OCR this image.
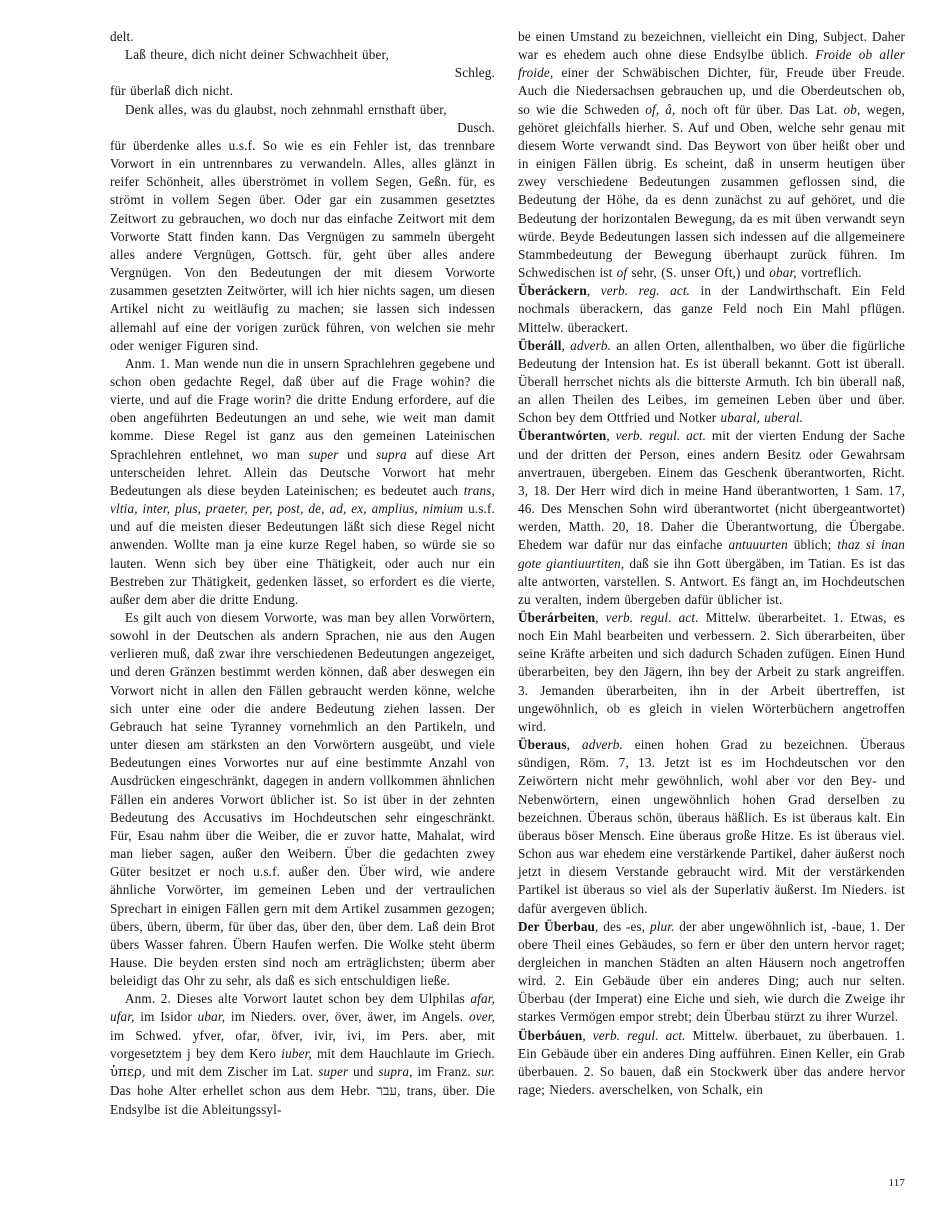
delt.

Laß theure, dich nicht deiner Schwachheit über,

Schleg.

für überlaß dich nicht.

Denk alles, was du glaubst, noch zehnmahl ernsthaft über,

Dusch.

für überdenke alles u.s.f. So wie es ein Fehler ist, das trennbare Vorwort in ein untrennbares zu verwandeln. Alles, alles glänzt in reifer Schönheit, alles überströmet in vollem Segen, Geßn. für, es strömt in vollem Segen über. Oder gar ein zusammen gesetztes Zeitwort zu gebrauchen, wo doch nur das einfache Zeitwort mit dem Vorworte Statt finden kann. Das Vergnügen zu sammeln übergeht alles andere Vergnügen, Gottsch. für, geht über alles andere Vergnügen. Von den Bedeutungen der mit diesem Vorworte zusammen gesetzten Zeitwörter, will ich hier nichts sagen, um diesen Artikel nicht zu weitläufig zu machen; sie lassen sich indessen allemahl auf eine der vorigen zurück führen, von welchen sie mehr oder weniger Figuren sind.

Anm. 1. Man wende nun die in unsern Sprachlehren gegebene und schon oben gedachte Regel, daß über auf die Frage wohin? die vierte, und auf die Frage worin? die dritte Endung erfordere, auf die oben angeführten Bedeutungen an und sehe, wie weit man damit komme. Diese Regel ist ganz aus den gemeinen Lateinischen Sprachlehren entlehnet, wo man super und supra auf diese Art unterscheiden lehret. Allein das Deutsche Vorwort hat mehr Bedeutungen als diese beyden Lateinischen; es bedeutet auch trans, vltia, inter, plus, praeter, per, post, de, ad, ex, amplius, nimium u.s.f. und auf die meisten dieser Bedeutungen läßt sich diese Regel nicht anwenden. Wollte man ja eine kurze Regel haben, so würde sie so lauten. Wenn sich bey über eine Thätigkeit, oder auch nur ein Bestreben zur Thätigkeit, gedenken lässet, so erfordert es die vierte, außer dem aber die dritte Endung.

Es gilt auch von diesem Vorworte, was man bey allen Vorwörtern, sowohl in der Deutschen als andern Sprachen, nie aus den Augen verlieren muß, daß zwar ihre verschiedenen Bedeutungen angezeiget, und deren Gränzen bestimmt werden können, daß aber deswegen ein Vorwort nicht in allen den Fällen gebraucht werden könne, welche sich unter eine oder die andere Bedeutung ziehen lassen. Der Gebrauch hat seine Tyranney vornehmlich an den Partikeln, und unter diesen am stärksten an den Vorwörtern ausgeübt, und viele Bedeutungen eines Vorwortes nur auf eine bestimmte Anzahl von Ausdrücken eingeschränkt, dagegen in andern vollkommen ähnlichen Fällen ein anderes Vorwort üblicher ist. So ist über in der zehnten Bedeutung des Accusativs im Hochdeutschen sehr eingeschränkt. Für, Esau nahm über die Weiber, die er zuvor hatte, Mahalat, wird man lieber sagen, außer den Weibern. Über die gedachten zwey Güter besitzet er noch u.s.f. außer den. Über wird, wie andere ähnliche Vorwörter, im gemeinen Leben und der vertraulichen Sprechart in einigen Fällen gern mit dem Artikel zusammen gezogen; übers, übern, überm, für über das, über den, über dem. Laß dein Brot übers Wasser fahren. Übern Haufen werfen. Die Wolke steht überm Hause. Die beyden ersten sind noch am erträglichsten; überm aber beleidigt das Ohr zu sehr, als daß es sich entschuldigen ließe.

Anm. 2. Dieses alte Vorwort lautet schon bey dem Ulphilas afar, ufar, im Isidor ubar, im Nieders. over, över, äwer, im Angels. over, im Schwed. yfver, ofar, öfver, ivir, ivi, im Pers. aber, mit vorgesetztem j bey dem Kero iuber, mit dem Hauchlaute im Griech. ὑπερ, und mit dem Zischer im Lat. super und supra, im Franz. sur. Das hohe Alter erhellet schon aus dem Hebr. עבר, trans, über. Die Endsylbe ist die Ableitungssyl-

be einen Umstand zu bezeichnen, vielleicht ein Ding, Subject. Daher war es ehedem auch ohne diese Endsylbe üblich. Froide ob aller froide, einer der Schwäbischen Dichter, für, Freude über Freude. Auch die Niedersachsen gebrauchen up, und die Oberdeutschen ob, so wie die Schweden of, å, noch oft für über. Das Lat. ob, wegen, gehöret gleichfalls hierher. S. Auf und Oben, welche sehr genau mit diesem Worte verwandt sind. Das Beywort von über heißt ober und in einigen Fällen übrig. Es scheint, daß in unserm heutigen über zwey verschiedene Bedeutungen zusammen geflossen sind, die Bedeutung der Höhe, da es denn zunächst zu auf gehöret, und die Bedeutung der horizontalen Bewegung, da es mit üben verwandt seyn würde. Beyde Bedeutungen lassen sich indessen auf die allgemeinere Stammbedeutung der Bewegung überhaupt zurück führen. Im Schwedischen ist of sehr, (S. unser Oft,) und obar, vortreflich.

Überáckern, verb. reg. act. in der Landwirthschaft. Ein Feld nochmals überackern, das ganze Feld noch Ein Mahl pflügen. Mittelw. überackert.

Überáll, adverb. an allen Orten, allenthalben, wo über die figürliche Bedeutung der Intension hat. Es ist überall bekannt. Gott ist überall. Überall herrschet nichts als die bitterste Armuth. Ich bin überall naß, an allen Theilen des Leibes, im gemeinen Leben über und über. Schon bey dem Ottfried und Notker ubaral, uberal.

Überantwórten, verb. regul. act. mit der vierten Endung der Sache und der dritten der Person, eines andern Besitz oder Gewahrsam anvertrauen, übergeben. Einem das Geschenk überantworten, Richt. 3, 18. Der Herr wird dich in meine Hand überantworten, 1 Sam. 17, 46. Des Menschen Sohn wird überantwortet (nicht übergeantwortet) werden, Matth. 20, 18. Daher die Überantwortung, die Übergabe. Ehedem war dafür nur das einfache antuuurten üblich; thaz si inan gote giantiuurtiten, daß sie ihn Gott übergäben, im Tatian. Es ist das alte antworten, varstellen. S. Antwort. Es fängt an, im Hochdeutschen zu veralten, indem übergeben dafür üblicher ist.

Überárbeiten, verb. regul. act. Mittelw. überarbeitet. 1. Etwas, es noch Ein Mahl bearbeiten und verbessern. 2. Sich überarbeiten, über seine Kräfte arbeiten und sich dadurch Schaden zufügen. Einen Hund überarbeiten, bey den Jägern, ihn bey der Arbeit zu stark angreiffen. 3. Jemanden überarbeiten, ihn in der Arbeit übertreffen, ist ungewöhnlich, ob es gleich in vielen Wörterbüchern angetroffen wird.

Überaus, adverb. einen hohen Grad zu bezeichnen. Überaus sündigen, Röm. 7, 13. Jetzt ist es im Hochdeutschen vor den Zeiwörtern nicht mehr gewöhnlich, wohl aber vor den Bey- und Nebenwörtern, einen ungewöhnlich hohen Grad derselben zu bezeichnen. Überaus schön, überaus häßlich. Es ist überaus kalt. Ein überaus böser Mensch. Eine überaus große Hitze. Es ist überaus viel. Schon aus war ehedem eine verstärkende Partikel, daher äußerst noch jetzt in diesem Verstande gebraucht wird. Mit der verstärkenden Partikel ist überaus so viel als der Superlativ äußerst. Im Nieders. ist dafür avergeven üblich.

Der Überbau, des -es, plur. der aber ungewöhnlich ist, -baue, 1. Der obere Theil eines Gebäudes, so fern er über den untern hervor raget; dergleichen in manchen Städten an alten Häusern noch angetroffen wird. 2. Ein Gebäude über ein anderes Ding; auch nur selten. Überbau (der Imperat) eine Eiche und sieh, wie durch die Zweige ihr starkes Vermögen empor strebt; dein Überbau stürzt zu ihrer Wurzel.

Überbáuen, verb. regul. act. Mittelw. überbauet, zu überbauen. 1. Ein Gebäude über ein anderes Ding aufführen. Einen Keller, ein Grab überbauen. 2. So bauen, daß ein Stockwerk über das andere hervor rage; Nieders. averschelken, von Schalk, ein

117
